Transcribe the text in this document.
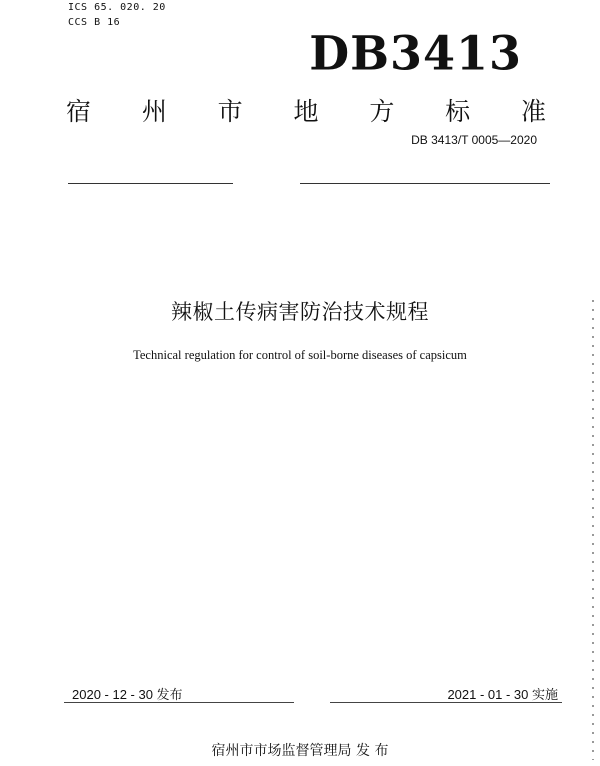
ICS 65. 020. 20
CCS B 16
DB3413
宿 州 市 地 方 标 准
DB 3413/T 0005—2020
辣椒土传病害防治技术规程
Technical regulation for control of soil-borne diseases of capsicum
2020 - 12 - 30 发布	2021 - 01 - 30 实施
宿州市市场监督管理局 发 布
